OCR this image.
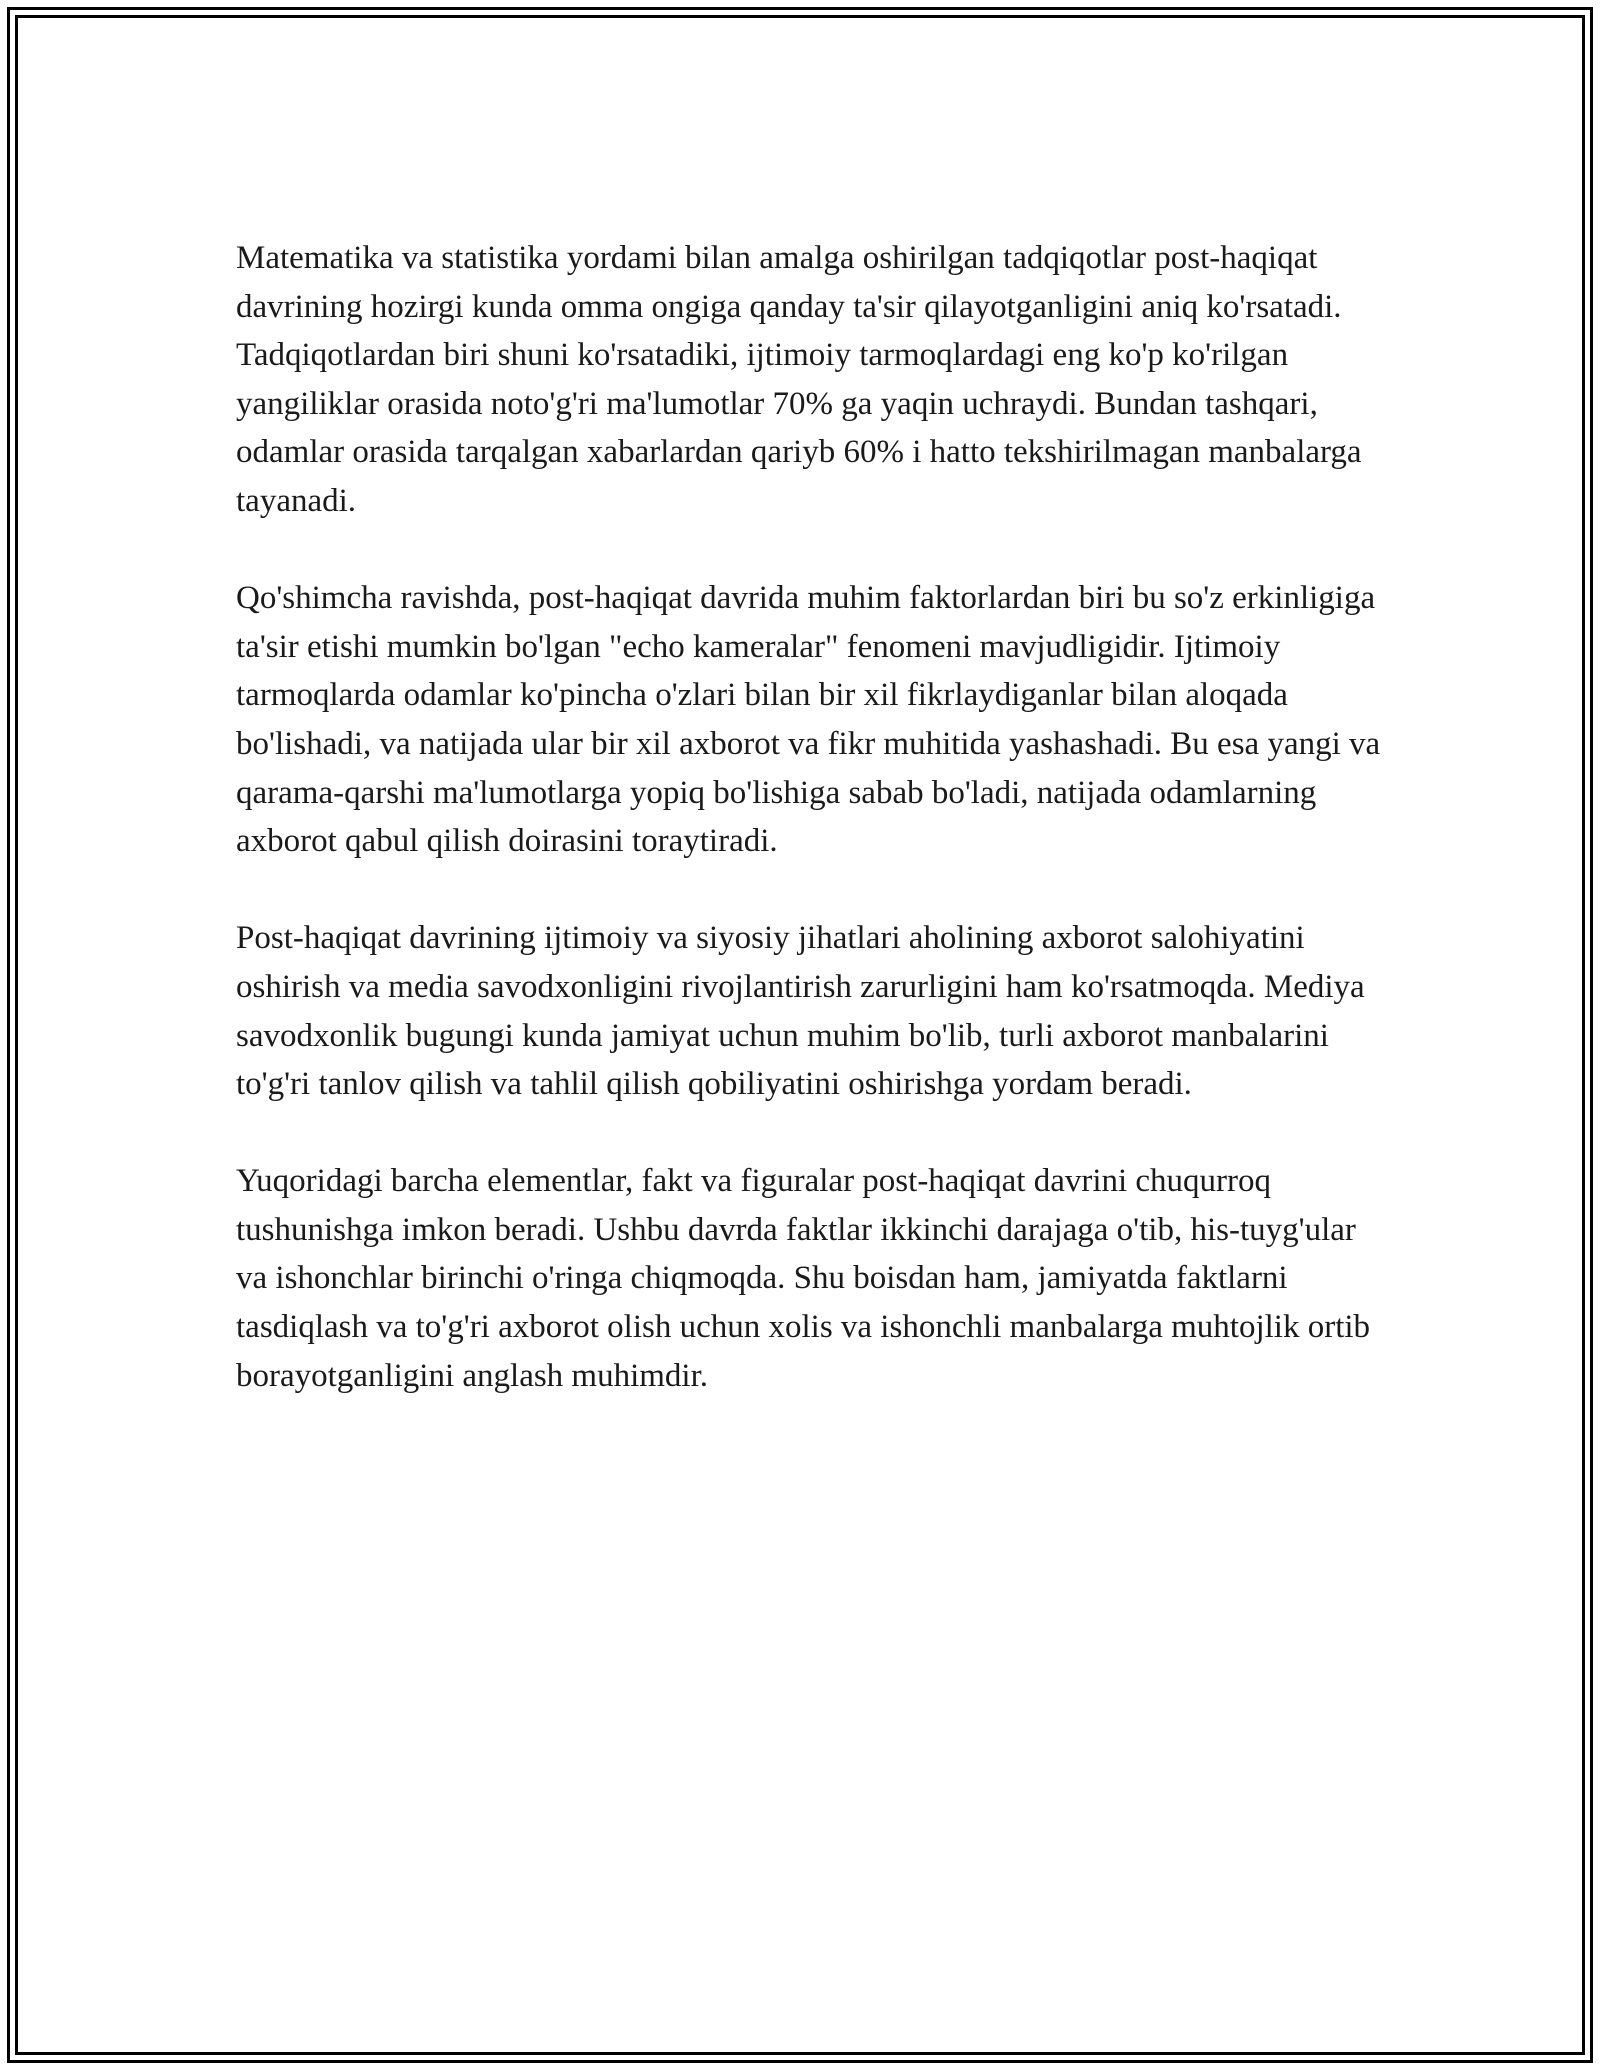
Matematika va statistika yordami bilan amalga oshirilgan tadqiqotlar post-haqiqat davrining hozirgi kunda omma ongiga qanday ta'sir qilayotganligini aniq ko'rsatadi. Tadqiqotlardan biri shuni ko'rsatadiki, ijtimoiy tarmoqlardagi eng ko'p ko'rilgan yangiliklar orasida noto'g'ri ma'lumotlar 70% ga yaqin uchraydi. Bundan tashqari, odamlar orasida tarqalgan xabarlardan qariyb 60% i hatto tekshirilmagan manbalarga tayanadi.

Qo'shimcha ravishda, post-haqiqat davrida muhim faktorlardan biri bu so'z erkinligiga ta'sir etishi mumkin bo'lgan "echo kameralar" fenomeni mavjudligidir. Ijtimoiy tarmoqlarda odamlar ko'pincha o'zlari bilan bir xil fikrlaydiganlar bilan aloqada bo'lishadi, va natijada ular bir xil axborot va fikr muhitida yashashadi. Bu esa yangi va qarama-qarshi ma'lumotlarga yopiq bo'lishiga sabab bo'ladi, natijada odamlarning axborot qabul qilish doirasini toraytiradi.

Post-haqiqat davrining ijtimoiy va siyosiy jihatlari aholining axborot salohiyatini oshirish va media savodxonligini rivojlantirish zarurligini ham ko'rsatmoqda. Mediya savodxonlik bugungi kunda jamiyat uchun muhim bo'lib, turli axborot manbalarini to'g'ri tanlov qilish va tahlil qilish qobiliyatini oshirishga yordam beradi.

Yuqoridagi barcha elementlar, fakt va figuralar post-haqiqat davrini chuqurroq tushunishga imkon beradi. Ushbu davrda faktlar ikkinchi darajaga o'tib, his-tuyg'ular va ishonchlar birinchi o'ringa chiqmoqda. Shu boisdan ham, jamiyatda faktlarni tasdiqlash va to'g'ri axborot olish uchun xolis va ishonchli manbalarga muhtojlik ortib borayotganligini anglash muhimdir.
